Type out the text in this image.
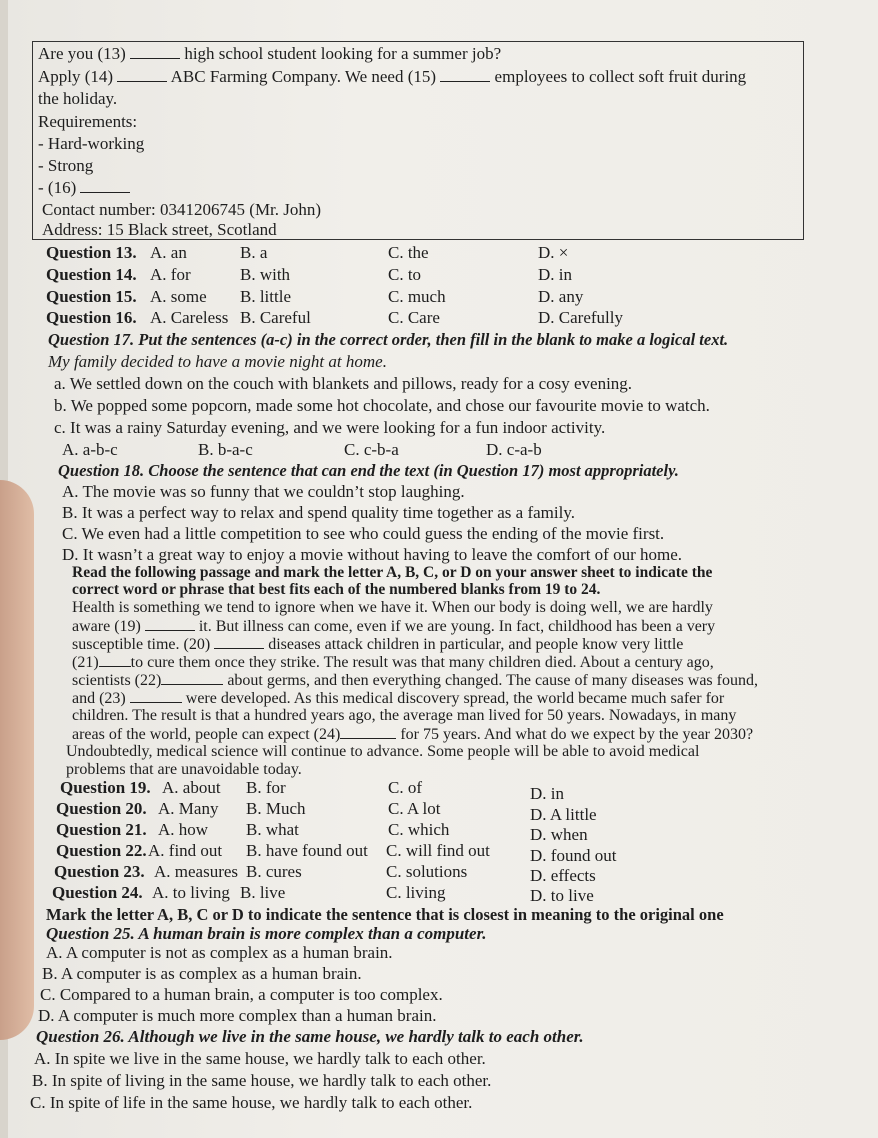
Are you (13)	high school student looking for a summer job?
Apply (14)	ABC Farming Company. We need (15)	employees to collect soft fruit during
the holiday.
Requirements:
- Hard-working
- Strong
- (16)
Contact number: 0341206745 (Mr. John)
Address: 15 Black street, Scotland
Question 13. A. an	B. a	C. the	D. ×
Question 14. A. for	B. with	C. to	D. in
Question 15. A. some B. little	C. much	D. any
Question 16. A. Careless B. Careful	C. Care	D. Carefully
Question 17. Put the sentences (a-c) in the correct order, then fill in the blank to make a logical text.
My family decided to have a movie night at home.
a. We settled down on the couch with blankets and pillows, ready for a cosy evening.
b. We popped some popcorn, made some hot chocolate, and chose our favourite movie to watch.
c. It was a rainy Saturday evening, and we were looking for a fun indoor activity.
A. a-b-c	B. b-a-c	C. c-b-a	D. c-a-b
Question 18. Choose the sentence that can end the text (in Question 17) most appropriately.
A. The movie was so funny that we couldn’t stop laughing.
B. It was a perfect way to relax and spend quality time together as a family.
C. We even had a little competition to see who could guess the ending of the movie first.
D. It wasn’t a great way to enjoy a movie without having to leave the comfort of our home.
Read the following passage and mark the letter A, B, C, or D on your answer sheet to indicate the
correct word or phrase that best fits each of the numbered blanks from 19 to 24.
Health is something we tend to ignore when we have it. When our body is doing well, we are hardly
aware (19)	it. But illness can come, even if we are young. In fact, childhood has been a very
susceptible time. (20)	diseases attack children in particular, and people know very little
(21) to cure them once they strike. The result was that many children died. About a century ago,
scientists (22)	about germs, and then everything changed. The cause of many diseases was found,
and (23)	were developed. As this medical discovery spread, the world became much safer for
children. The result is that a hundred years ago, the average man lived for 50 years. Nowadays, in many
areas of the world, people can expect (24)	for 75 years. And what do we expect by the year 2030?
Undoubtedly, medical science will continue to advance. Some people will be able to avoid medical
problems that are unavoidable today.
Question 19. A. about B. for	C. of	D. in
Question 20. A. Many B. Much	C. A lot	D. A little
Question 21. A. how B. what	C. which	D. when
Question 22. A. find out B. have found out C. will find out D. found out
Question 23. A. measures B. cures	C. solutions	D. effects
Question 24. A. to living B. live	C. living	D. to live
Mark the letter A, B, C or D to indicate the sentence that is closest in meaning to the original one
Question 25. A human brain is more complex than a computer.
A. A computer is not as complex as a human brain.
B. A computer is as complex as a human brain.
C. Compared to a human brain, a computer is too complex.
D. A computer is much more complex than a human brain.
Question 26. Although we live in the same house, we hardly talk to each other.
A. In spite we live in the same house, we hardly talk to each other.
B. In spite of living in the same house, we hardly talk to each other.
C. In spite of life in the same house, we hardly talk to each other.
